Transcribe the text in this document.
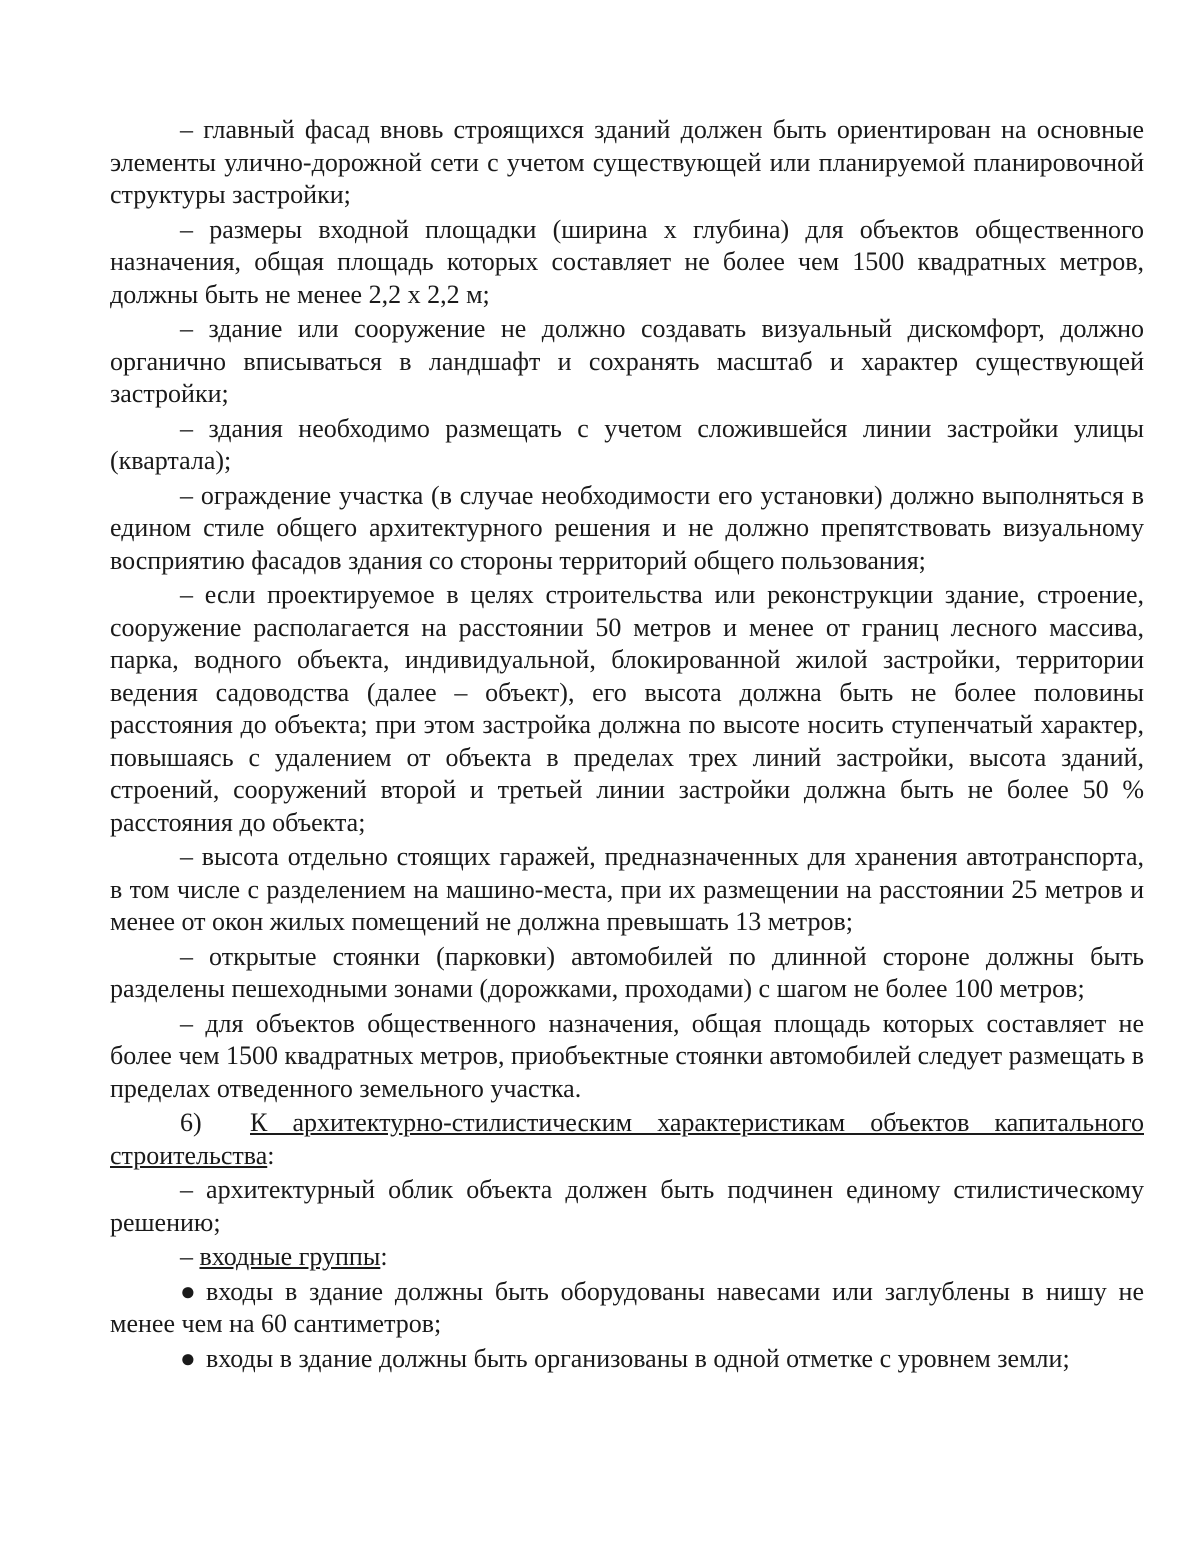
– главный фасад вновь строящихся зданий должен быть ориентирован на основные элементы улично-дорожной сети с учетом существующей или планируемой планировочной структуры застройки;

– размеры входной площадки (ширина х глубина) для объектов общественного назначения, общая площадь которых составляет не более чем 1500 квадратных метров, должны быть не менее 2,2 х 2,2 м;

– здание или сооружение не должно создавать визуальный дискомфорт, должно органично вписываться в ландшафт и сохранять масштаб и характер существующей застройки;

– здания необходимо размещать с учетом сложившейся линии застройки улицы (квартала);

– ограждение участка (в случае необходимости его установки) должно выполняться в едином стиле общего архитектурного решения и не должно препятствовать визуальному восприятию фасадов здания со стороны территорий общего пользования;

– если проектируемое в целях строительства или реконструкции здание, строение, сооружение располагается на расстоянии 50 метров и менее от границ лесного массива, парка, водного объекта, индивидуальной, блокированной жилой застройки, территории ведения садоводства (далее – объект), его высота должна быть не более половины расстояния до объекта; при этом застройка должна по высоте носить ступенчатый характер, повышаясь с удалением от объекта в пределах трех линий застройки, высота зданий, строений, сооружений второй и третьей линии застройки должна быть не более 50 % расстояния до объекта;

– высота отдельно стоящих гаражей, предназначенных для хранения автотранспорта, в том числе с разделением на машино-места, при их размещении на расстоянии 25 метров и менее от окон жилых помещений не должна превышать 13 метров;

– открытые стоянки (парковки) автомобилей по длинной стороне должны быть разделены пешеходными зонами (дорожками, проходами) с шагом не более 100 метров;

– для объектов общественного назначения, общая площадь которых составляет не более чем 1500 квадратных метров, приобъектные стоянки автомобилей следует размещать в пределах отведенного земельного участка.

6) К архитектурно-стилистическим характеристикам объектов капитального строительства:

– архитектурный облик объекта должен быть подчинен единому стилистическому решению;

– входные группы:

● входы в здание должны быть оборудованы навесами или заглублены в нишу не менее чем на 60 сантиметров;

● входы в здание должны быть организованы в одной отметке с уровнем земли;
